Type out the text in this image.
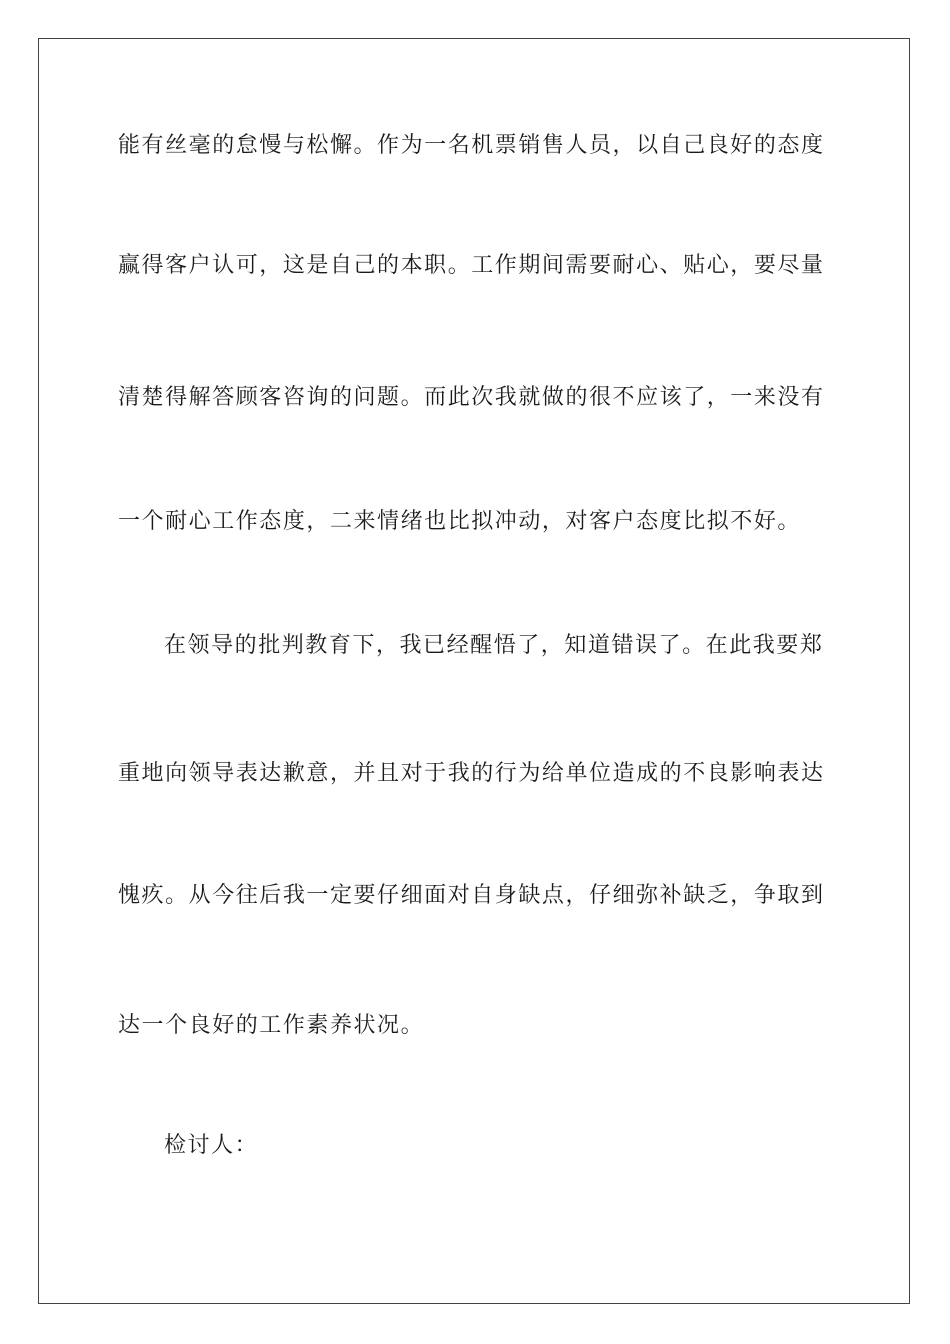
能有丝毫的怠慢与松懈。作为一名机票销售人员，以自己良好的态度
赢得客户认可，这是自己的本职。工作期间需要耐心、贴心，要尽量
清楚得解答顾客咨询的问题。而此次我就做的很不应该了，一来没有
一个耐心工作态度，二来情绪也比拟冲动，对客户态度比拟不好。
在领导的批判教育下，我已经醒悟了，知道错误了。在此我要郑
重地向领导表达歉意，并且对于我的行为给单位造成的不良影响表达
愧疚。从今往后我一定要仔细面对自身缺点，仔细弥补缺乏，争取到
达一个良好的工作素养状况。
检讨人：
